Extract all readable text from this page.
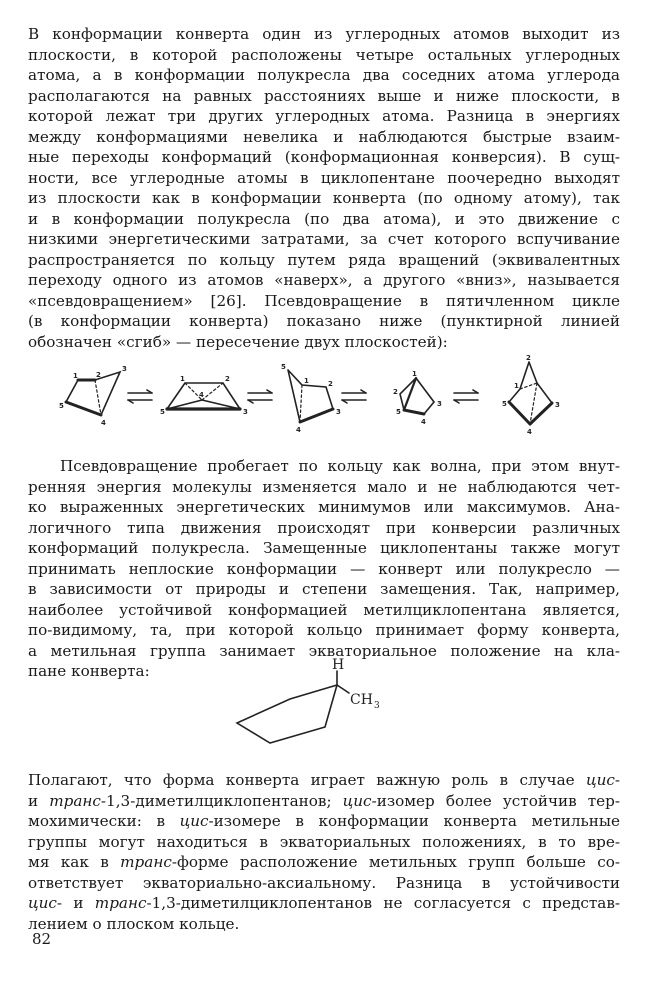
В конформации конверта один из углеродных атомов выходит из
плоскости, в которой расположены четыре остальных углеродных
атома, а в конформации полукресла два соседних атома углерода
располагаются на равных расстояниях выше и ниже плоскости, в
которой лежат три других углеродных атома. Разница в энергиях
между конформациями невелика и наблюдаются быстрые взаим-
ные переходы конформаций (конформационная конверсия). В сущ-
ности, все углеродные атомы в циклопентане поочередно выходят
из плоскости как в конформации конверта (по одному атому), так
и в конформации полукресла (по два атома), и это движение с
низкими энергетическими затратами, за счет которого вспучивание
распространяется по кольцу путем ряда вращений (эквивалентных
переходу одного из атомов «наверх», а другого «вниз», называется
«псевдовращением» [26]. Псевдовращение в пятичленном цикле
(в конформации конверта) показано ниже (пунктирной линией
обозначен «сгиб» — пересечение двух плоскостей):
1	2
3
4
5
1	2
3
4
5
1	2
3
4
5
1
2
3
4
5
1
2
3
4
5
Псевдовращение пробегает по кольцу как волна, при этом внут-
ренняя энергия молекулы изменяется мало и не наблюдаются чет-
ко выраженных энергетических минимумов или максимумов. Ана-
логичного типа движения происходят при конверсии различных
конформаций полукресла. Замещенные циклопентаны также могут
принимать неплоские конформации — конверт или полукресло —
в зависимости от природы и степени замещения. Так, например,
наиболее устойчивой конформацией метилциклопентана является,
по-видимому, та, при которой кольцо принимает форму конверта,
а метильная группа занимает экваториальное положение на кла-
пане конверта:	H
CH 3
Полагают, что форма конверта играет важную роль в случае цис-
и транс-1,3-диметилциклопентанов; цис-изомер более устойчив тер-
мохимически: в цис-изомере в конформации конверта метильные
группы могут находиться в экваториальных положениях, в то вре-
мя как в транс-форме расположение метильных групп больше со-
ответствует экваториально-аксиальному. Разница в устойчивости
цис- и транс-1,3-диметилциклопентанов не согласуется с представ-
лением о плоском кольце.
82
